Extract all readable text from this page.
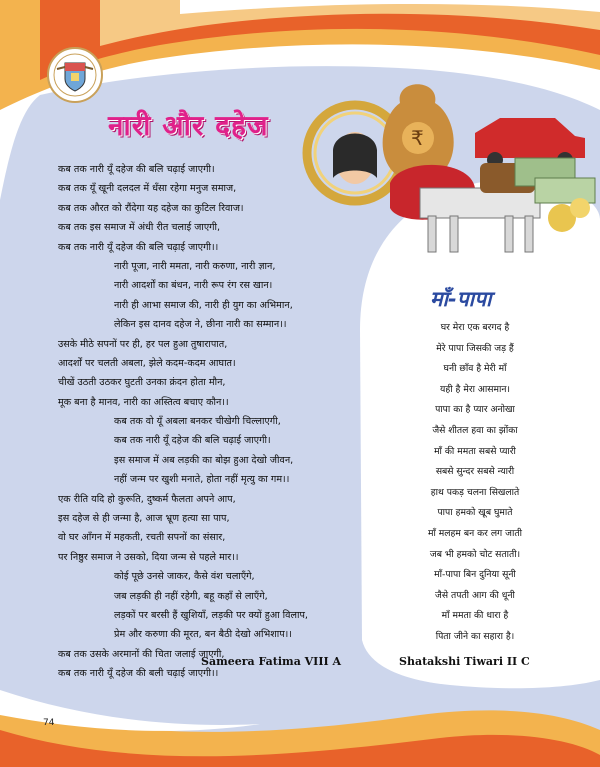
₹
नारी और दहेज
कब तक नारी यूँ दहेज की बलि चढ़ाई जाएगी।
कब तक यूँ खूनी दलदल में धँसा रहेगा मनुज समाज,
कब तक औरत को रौंदेगा यह दहेज का कुटिल रिवाज।
कब तक इस समाज में अंधी रीत चलाई जाएगी,
कब तक नारी यूँ दहेज की बलि चढ़ाई जाएगी।।
नारी पूजा, नारी ममता, नारी करुणा, नारी ज्ञान,
नारी आदर्शों का बंधन, नारी रूप रंग रस खान।
नारी ही आभा समाज की, नारी ही युग का अभिमान,
लेकिन इस दानव दहेज ने, छीना नारी का सम्मान।।
उसके मीठे सपनों पर ही, हर पल हुआ तुषारापात,
आदर्शों पर चलती अबला, झेले कदम-कदम आघात।
चीखें उठती उठकर घुटती उनका क्रंदन होता मौन,
मूक बना है मानव, नारी का अस्तित्व बचाए कौन।।
कब तक वो यूँ अबला बनकर चीखेगी चिल्लाएगी,
कब तक नारी यूँ दहेज की बलि चढ़ाई जाएगी।
इस समाज में अब लड़की का बोझ हुआ देखो जीवन,
नहीं जन्म पर खुशी मनाते, होता नहीं मृत्यु का गम।।
एक रीति यदि हो कुरूति, दुष्कर्म फैलता अपने आप,
इस दहेज से ही जन्मा है, आज भ्रूण हत्या सा पाप,
वो घर आँगन में महकती, रचती सपनों का संसार,
पर निष्ठुर समाज ने उसको, दिया जन्म से पहले मार।।
कोई पूछे उनसे जाकर, कैसे वंश चलाएँगे,
जब लड़की ही नहीं रहेगी, बहू कहाँ से लाएँगे,
लड़कों पर बरसी हैं खुशियाँ, लड़की पर क्यों हुआ विलाप,
प्रेम और करुणा की मूरत, बन बैठी देखो अभिशाप।।
कब तक उसके अरमानों की चिता जलाई जाएगी,
कब तक नारी यूँ दहेज की बली चढ़ाई जाएगी।।
Sameera Fatima VIII A
माँ-पापा
घर मेरा एक बरगद है
मेरे पापा जिसकी जड़ हैं
घनी छाँव है मेरी माँ
यही है मेरा आसमान।
पापा का है प्यार अनोखा
जैसे शीतल हवा का झोंका
माँ की ममता सबसे प्यारी
सबसे सुन्दर सबसे न्यारी
हाथ पकड़ चलना सिखलाते
पापा हमको खूब घुमाते
माँ मलहम बन कर लग जाती
जब भी हमको चोट सताती।
माँ-पापा बिन दुनिया सूनी
जैसे तपती आग की धूनी
माँ ममता की धारा है
पिता जीने का सहारा है।
Shatakshi Tiwari II C
74
